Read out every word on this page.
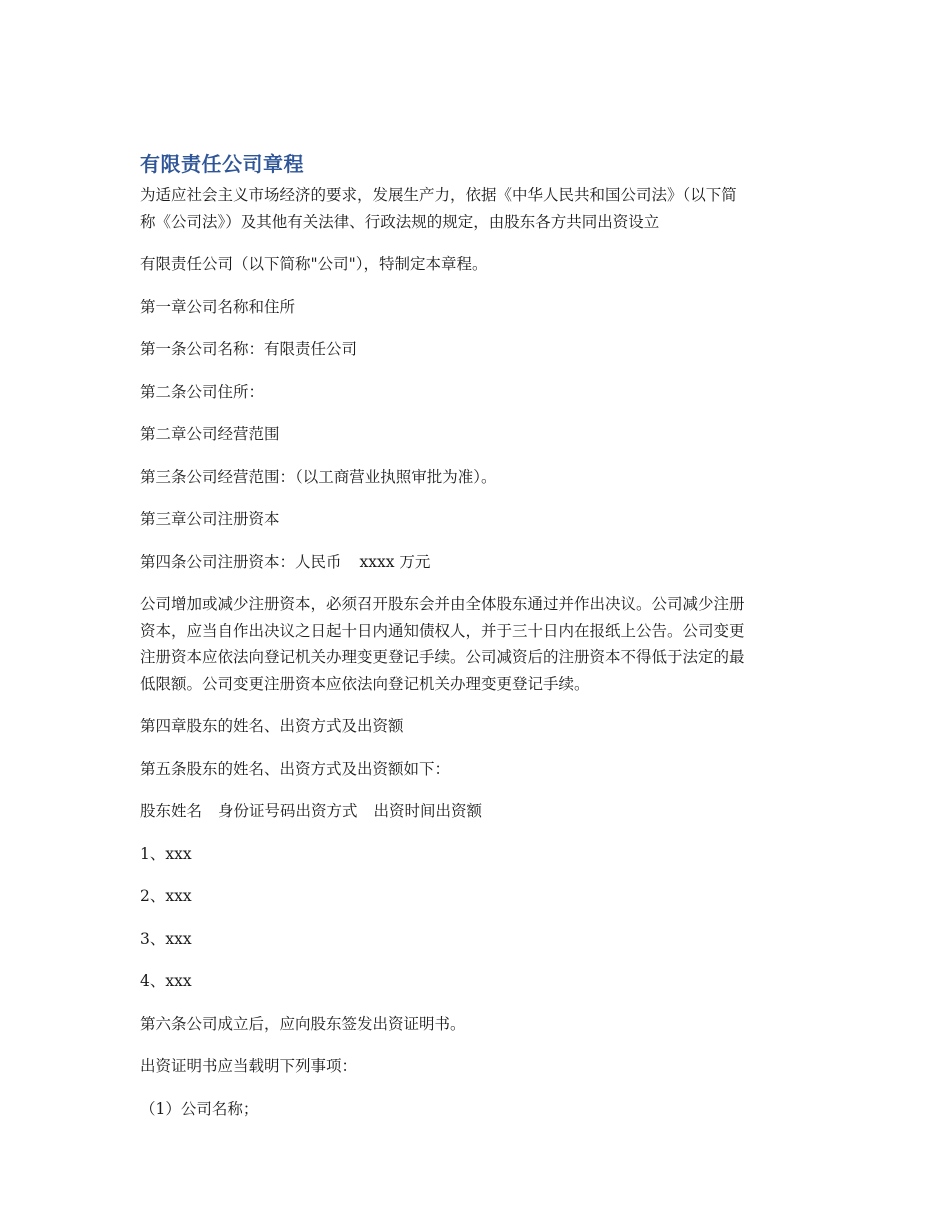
有限责任公司章程

为适应社会主义市场经济的要求，发展生产力，依据《中华人民共和国公司法》（以下简

称《公司法》）及其他有关法律、行政法规的规定，由股东各方共同出资设立

有限责任公司（以下简称"公司"），特制定本章程。

第一章公司名称和住所

第一条公司名称：有限责任公司

第二条公司住所：

第二章公司经营范围

第三条公司经营范围：（以工商营业执照审批为准）。

第三章公司注册资本

第四条公司注册资本：人民币 xxxx 万元

公司增加或减少注册资本，必须召开股东会并由全体股东通过并作出决议。公司减少注册

资本，应当自作出决议之日起十日内通知债权人，并于三十日内在报纸上公告。公司变更

注册资本应依法向登记机关办理变更登记手续。公司减资后的注册资本不得低于法定的最

低限额。公司变更注册资本应依法向登记机关办理变更登记手续。

第四章股东的姓名、出资方式及出资额

第五条股东的姓名、出资方式及出资额如下：

股东姓名 身份证号码出资方式 出资时间出资额

1、xxx

2、xxx

3、xxx

4、xxx

第六条公司成立后，应向股东签发出资证明书。

出资证明书应当载明下列事项：

（1）公司名称；
